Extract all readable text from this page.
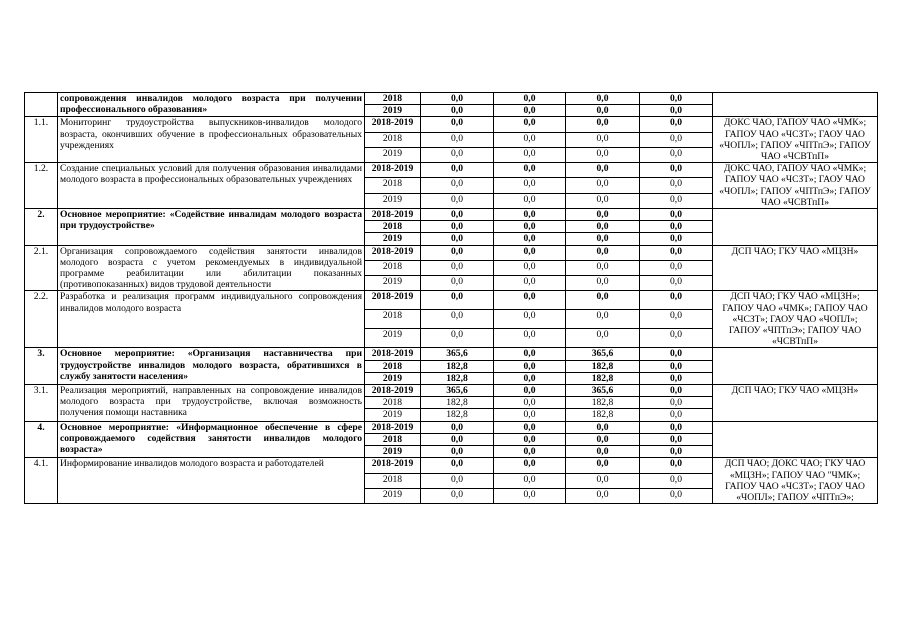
	сопровождения инвалидов молодого возраста при получении профессионального образования»	2018	0,0	0,0	0,0	0,0	
		2019	0,0	0,0	0,0	0,0	
1.1.	Мониторинг трудоустройства выпускников-инвалидов молодого возраста, окончивших обучение в профессиональных образовательных учреждениях	2018-2019	0,0	0,0	0,0	0,0	ДОКС ЧАО, ГАПОУ ЧАО «ЧМК»; ГАПОУ ЧАО «ЧСЗТ»; ГАОУ ЧАО «ЧОПЛ»; ГАПОУ «ЧПТпЭ»; ГАПОУ ЧАО «ЧСВТпП»
		2018	0,0	0,0	0,0	0,0	
		2019	0,0	0,0	0,0	0,0	
1.2.	Создание специальных условий для получения образования инвалидами молодого возраста в профессиональных образовательных учреждениях	2018-2019	0,0	0,0	0,0	0,0	ДОКС ЧАО, ГАПОУ ЧАО «ЧМК»; ГАПОУ ЧАО «ЧСЗТ»; ГАОУ ЧАО «ЧОПЛ»; ГАПОУ «ЧПТпЭ»; ГАПОУ ЧАО «ЧСВТпП»
		2018	0,0	0,0	0,0	0,0	
		2019	0,0	0,0	0,0	0,0	
2.	Основное мероприятие: «Содействие инвалидам молодого возраста при трудоустройстве»	2018-2019	0,0	0,0	0,0	0,0	
		2018	0,0	0,0	0,0	0,0	
		2019	0,0	0,0	0,0	0,0	
2.1.	Организация сопровождаемого содействия занятости инвалидов молодого возраста с учетом рекомендуемых в индивидуальной программе реабилитации или абилитации показанных (противопоказанных) видов трудовой деятельности	2018-2019	0,0	0,0	0,0	0,0	ДСП ЧАО; ГКУ ЧАО «МЦЗН»
		2018	0,0	0,0	0,0	0,0	
		2019	0,0	0,0	0,0	0,0	
2.2.	Разработка и реализация программ индивидуального сопровождения инвалидов молодого возраста	2018-2019	0,0	0,0	0,0	0,0	ДСП ЧАО; ГКУ ЧАО «МЦЗН»; ГАПОУ ЧАО «ЧМК»; ГАПОУ ЧАО «ЧСЗТ»; ГАОУ ЧАО «ЧОПЛ»; ГАПОУ «ЧПТпЭ»; ГАПОУ ЧАО «ЧСВТпП»
		2018	0,0	0,0	0,0	0,0	
		2019	0,0	0,0	0,0	0,0	
3.	Основное мероприятие: «Организация наставничества при трудоустройстве инвалидов молодого возраста, обратившихся в службу занятости населения»	2018-2019	365,6	0,0	365,6	0,0	
		2018	182,8	0,0	182,8	0,0	
		2019	182,8	0,0	182,8	0,0	
3.1.	Реализация мероприятий, направленных на сопровождение инвалидов молодого возраста при трудоустройстве, включая возможность получения помощи наставника	2018-2019	365,6	0,0	365,6	0,0	ДСП ЧАО; ГКУ ЧАО «МЦЗН»
		2018	182,8	0,0	182,8	0,0	
		2019	182,8	0,0	182,8	0,0	
4.	Основное мероприятие: «Информационное обеспечение в сфере сопровождаемого содействия занятости инвалидов молодого возраста»	2018-2019	0,0	0,0	0,0	0,0	
		2018	0,0	0,0	0,0	0,0	
		2019	0,0	0,0	0,0	0,0	
4.1.	Информирование инвалидов молодого возраста и работодателей	2018-2019	0,0	0,0	0,0	0,0	ДСП ЧАО; ДОКС ЧАО; ГКУ ЧАО «МЦЗН»; ГАПОУ ЧАО "ЧМК»; ГАПОУ ЧАО «ЧСЗТ»; ГАОУ ЧАО «ЧОПЛ»; ГАПОУ «ЧПТпЭ»;
		2018	0,0	0,0	0,0	0,0	
		2019	0,0	0,0	0,0	0,0	
